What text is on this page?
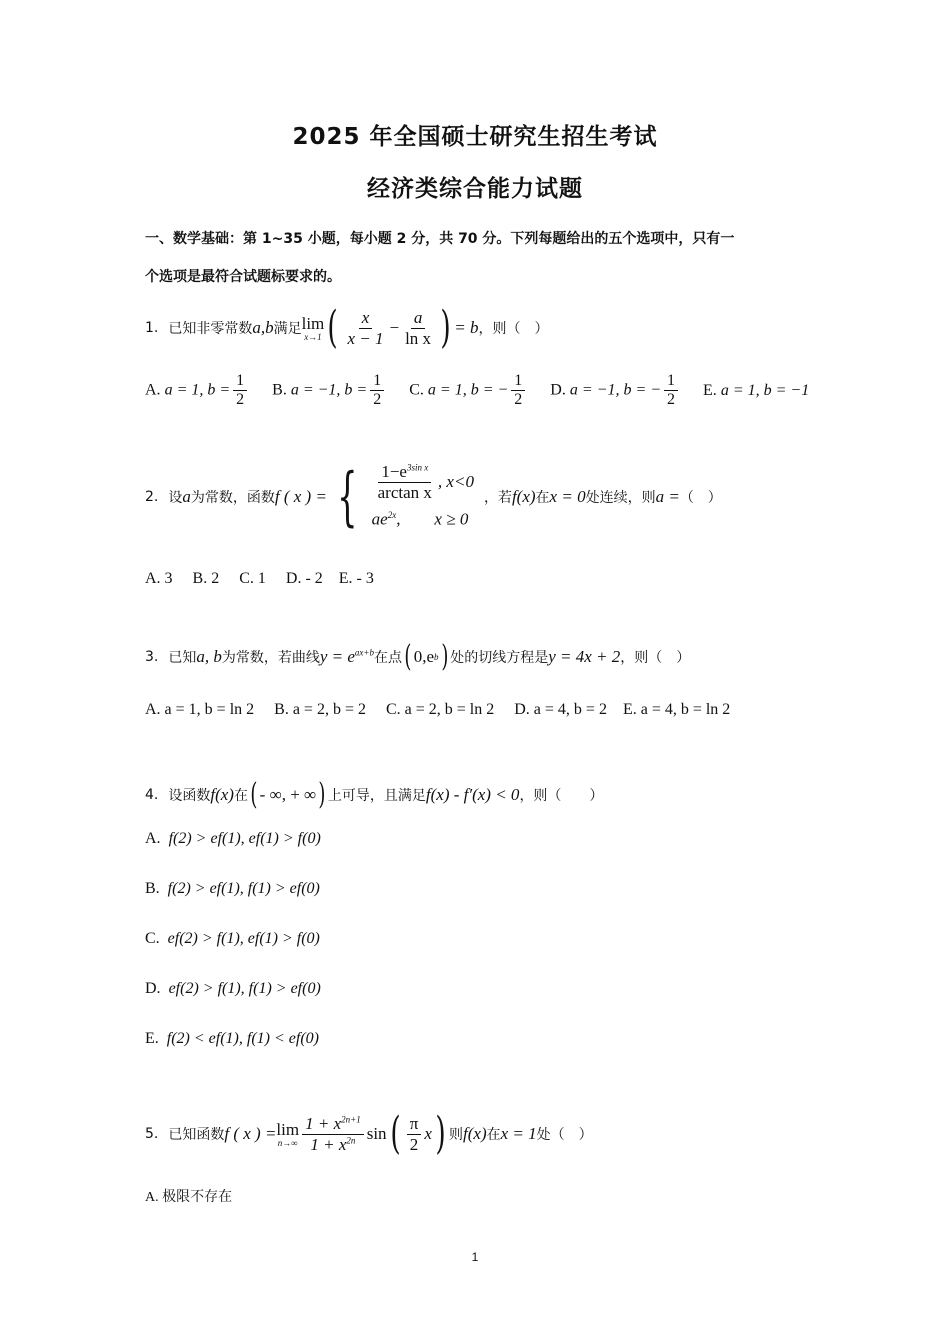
2025 年全国硕士研究生招生考试
经济类综合能力试题
一、数学基础：第 1~35 小题，每小题 2 分，共 70 分。下列每题给出的五个选项中，只有一
个选项是最符合试题标要求的。
1. 已知非零常数 a,b 满足 lim
x→1 ( $\frac{x}{x - 1} - \frac{a}{\text{ln x}}$ ) = b ，则（　）
A. a = 1, $b = \frac{1}{2} B$. a = −1, $b = \frac{1}{2} C$. a = 1, b = − $\frac{1}{2} D$. a = −1, b = − $\frac{1}{2} E$. a = 1, b = −1
2. 设 a 为常数，函数 f ( x ) = { $\frac{1-e^{3sin x}}{\text{arctan x}}$ , x<0
$ae^{2x}$,　　x ≥ 0
，若 f(x) 在 x = 0 处连续，则 a = （　）
A. 3　 B. 2　 C. 1　 D. - 2　E. - 3
3. 已知 a, b 为常数，若曲线 $y = e^{ax+b}$ 在点 ( 0,e b ) 处的切线方程是 y = 4x + 2 ，则（　）
A. a = 1, b = ln 2　 B. a = 2, b = 2　 C. a = 2, b = ln 2　 D. a = 4, b = 2　E. a = 4, b = ln 2
4. 设函数 f(x) 在 ( - ∞, + ∞ ) 上可导，且满足 f(x) - f′(x) < 0 ，则（　　）
A. f(2) > ef(1), ef(1) > f(0)
B. f(2) > ef(1), f(1) > ef(0)
C. ef(2) > f(1), ef(1) > f(0)
D. ef(2) > f(1), f(1) > ef(0)
E. f(2) < ef(1), f(1) < ef(0)
5. 已知函数 f ( x ) = lim
$n\to\infty \frac{1 + x^{2n+1}}{1 + x^{2n}}$ sin ( $\frac{\pi}{2}$ x ) 则 f(x) 在 x = 1 处（　）
A. 极限不存在
1
